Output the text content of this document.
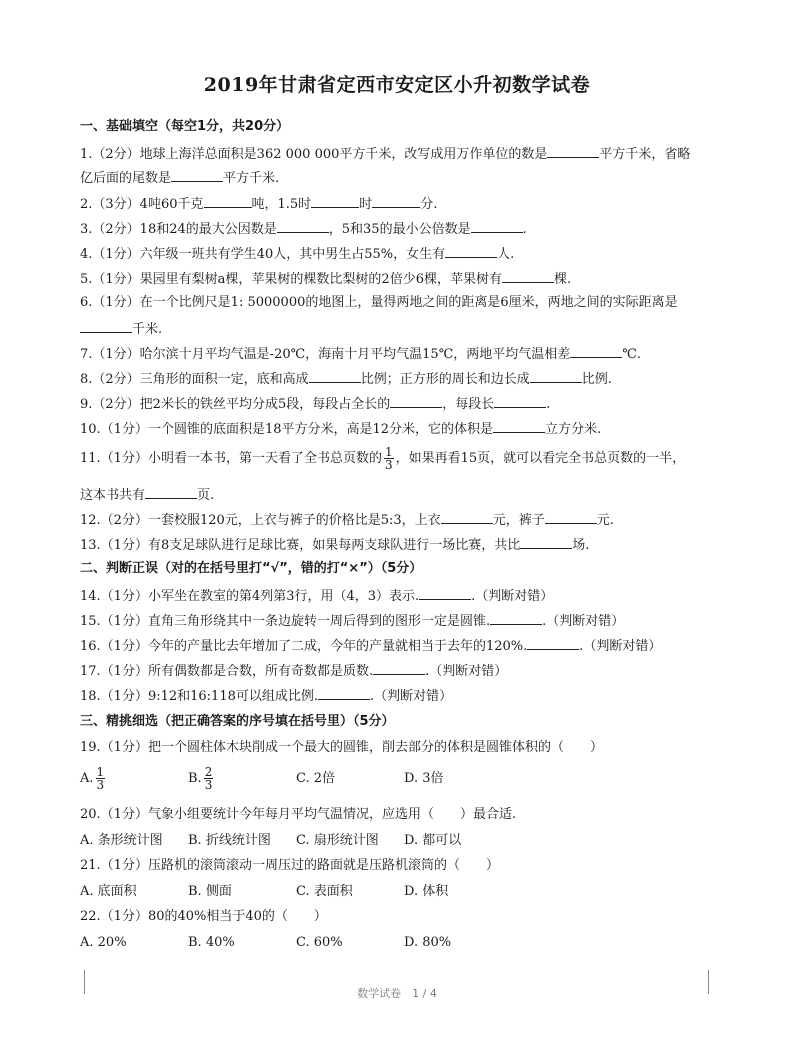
2019年甘肃省定西市安定区小升初数学试卷
一、基础填空（每空1分，共20分）
1.（2分）地球上海洋总面积是362 000 000平方千米，改写成用万作单位的数是	平方千米，省略
亿后面的尾数是	平方千米.
2.（3分）4吨60千克	吨，1.5时	时	分.
3.（2分）18和24的最大公因数是	，5和35的最小公倍数是	.
4.（1分）六年级一班共有学生40人，其中男生占55%，女生有	人.
5.（1分）果园里有梨树a棵，苹果树的棵数比梨树的2倍少6棵，苹果树有	棵.
6.（1分）在一个比例尺是1: 5000000的地图上，量得两地之间的距离是6厘米，两地之间的实际距离是
千米.
7.（1分）哈尔滨十月平均气温是-20℃，海南十月平均气温15℃，两地平均气温相差	℃.
8.（2分）三角形的面积一定，底和高成	比例；正方形的周长和边长成	比例.
9.（2分）把2米长的铁丝平均分成5段，每段占全长的	，每段长	.
10.（1分）一个圆锥的底面积是18平方分米，高是12分米，它的体积是	立方分米.
11.（1分）小明看一本书，第一天看了全书总页数的 $\frac{1}{3}$ ，如果再看15页，就可以看完全书总页数的一半，
这本书共有	页.
12.（2分）一套校服120元，上衣与裤子的价格比是5:3，上衣	元，裤子	元.
13.（1分）有8支足球队进行足球比赛，如果每两支球队进行一场比赛，共比	场.
二、判断正误（对的在括号里打“√”，错的打“×”）（5分）
14.（1分）小军坐在教室的第4列第3行，用（4，3）表示.	.（判断对错）
15.（1分）直角三角形绕其中一条边旋转一周后得到的图形一定是圆锥.	.（判断对错）
16.（1分）今年的产量比去年增加了二成，今年的产量就相当于去年的120%.	.（判断对错）
17.（1分）所有偶数都是合数，所有奇数都是质数.	.（判断对错）
18.（1分）9:12和16:118可以组成比例.	.（判断对错）
三、精挑细选（把正确答案的序号填在括号里）（5分）
19.（1分）把一个圆柱体木块削成一个最大的圆锥，削去部分的体积是圆锥体积的（　　）
A. $\frac{1}{3}$	B. $\frac{2}{3}$	C. 2倍	D. 3倍
20.（1分）气象小组要统计今年每月平均气温情况，应选用（　　）最合适.
A. 条形统计图 B. 折线统计图 C. 扇形统计图 D. 都可以
21.（1分）压路机的滚筒滚动一周压过的路面就是压路机滚筒的（　　）
A. 底面积	B. 侧面	C. 表面积	D. 体积
22.（1分）80的40%相当于40的（　　）
A. 20%	B. 40%	C. 60%	D. 80%
数学试卷　1 / 4
